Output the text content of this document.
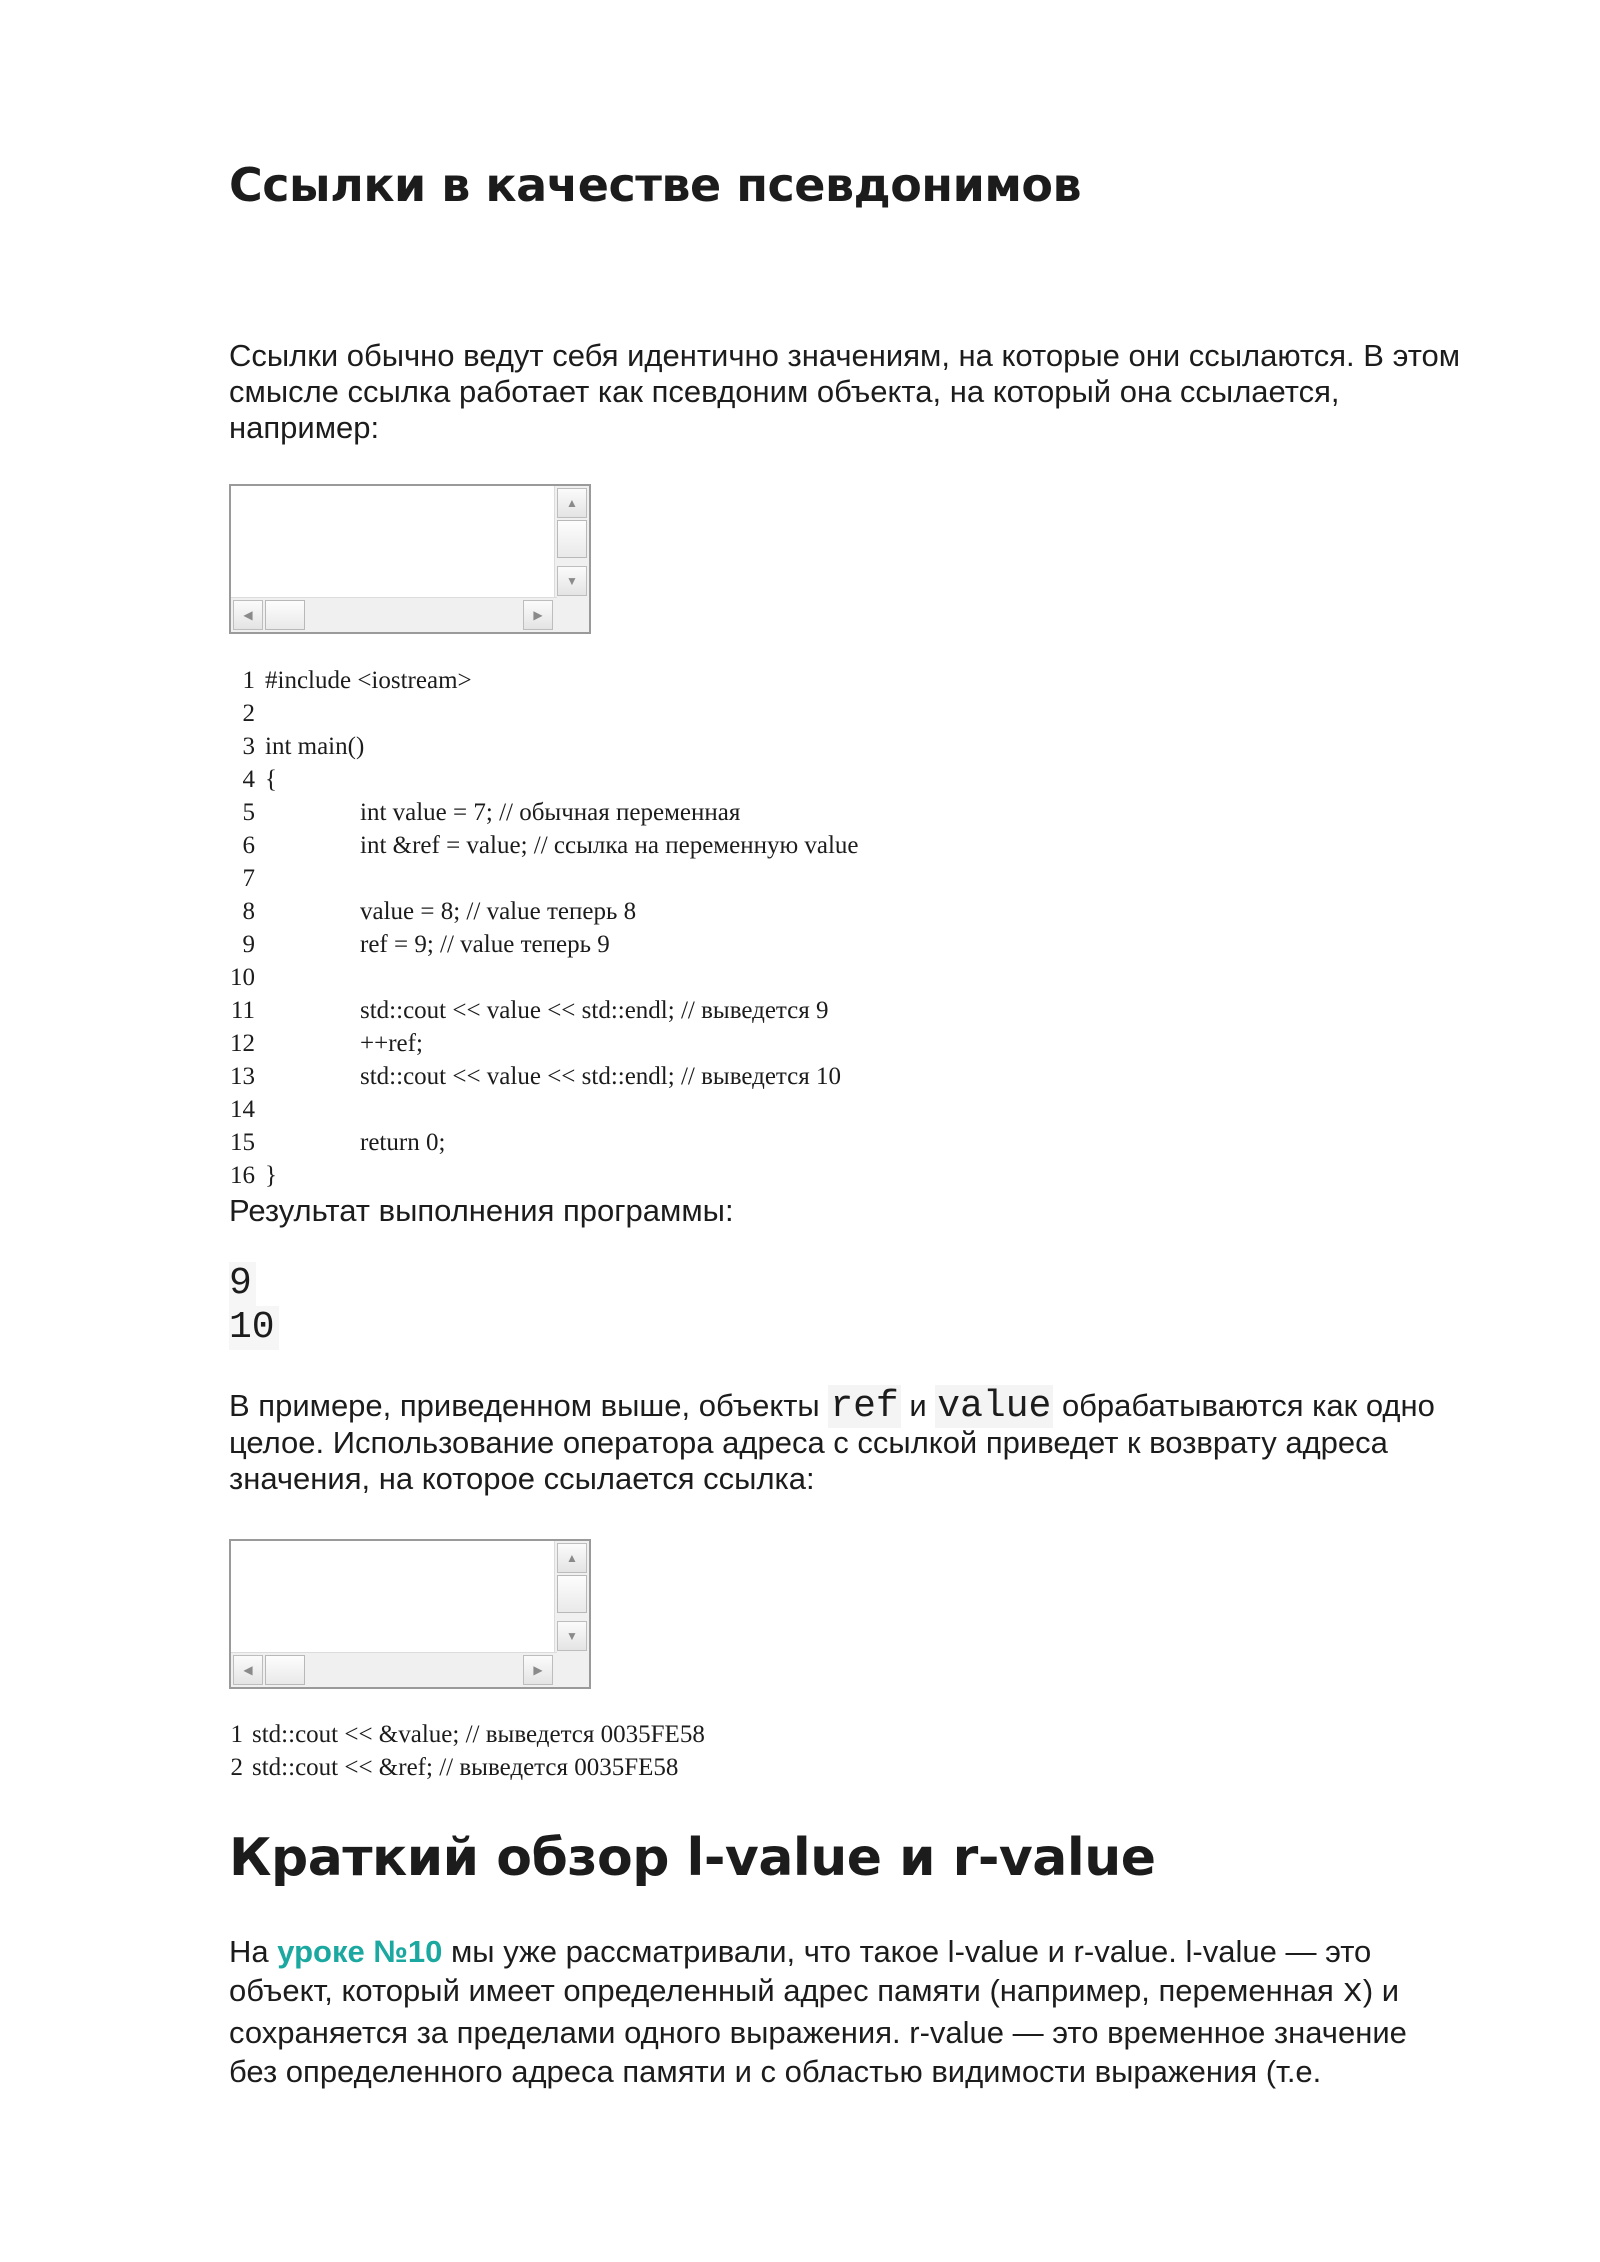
Ссылки в качестве псевдонимов

Ссылки обычно ведут себя идентично значениям, на которые они ссылаются. В этом смысле ссылка работает как псевдоним объекта, на который она ссылается, например:

▲
▼
◀	▶
1 #include <iostream>
2
3 int main()
4 {
5	int value = 7; // обычная переменная
6	int &ref = value; // ссылка на переменную value
7
8	value = 8; // value теперь 8
9	ref = 9; // value теперь 9
10
11	std::cout << value << std::endl; // выведется 9
12	++ref;
13	std::cout << value << std::endl; // выведется 10
14
15	return 0;
16 }

Результат выполнения программы:

9
10

В примере, приведенном выше, объекты ref и value обрабатываются как одно
целое. Использование оператора адреса с ссылкой приведет к возврату адреса
значения, на которое ссылается ссылка:

▲
▼
◀	▶
1 std::cout << &value; // выведется 0035FE58
2 std::cout << &ref; // выведется 0035FE58
Краткий обзор l-value и r-value

На уроке №10 мы уже рассматривали, что такое l-value и r-value. l-value — это
объект, который имеет определенный адрес памяти (например, переменная x) и
сохраняется за пределами одного выражения. r-value — это временное значение
без определенного адреса памяти и с областью видимости выражения (т.е.
